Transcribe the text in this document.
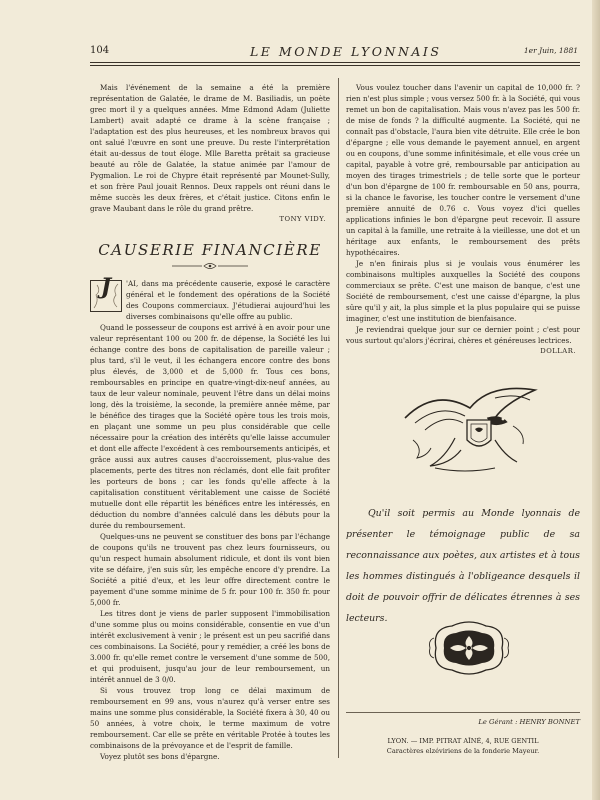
104	LE MONDE LYONNAIS	1er Juin, 1881

Mais l'événement de la semaine a été la première représentation de Galatée, le drame de M. Basiliadis, un poète grec mort il y a quelques années. Mme Edmond Adam (Juliette Lambert) avait adapté ce drame à la scène française ; l'adaptation est des plus heureuses, et les nombreux bravos qui ont salué l'œuvre en sont une preuve. Du reste l'interprétation était au-dessus de tout éloge. Mlle Baretta prêtait sa gracieuse beauté au rôle de Galatée, la statue animée par l'amour de Pygmalion. Le roi de Chypre était représenté par Mounet-Sully, et son frère Paul jouait Rennos. Deux rappels ont réuni dans le même succès les deux frères, et c'était justice. Citons enfin le grave Maubant dans le rôle du grand prêtre.

TONY VIDY.
CAUSERIE FINANCIÈRE
J	'AI, dans ma précédente causerie, exposé le caractère général et le fondement des opérations de la Société des Coupons commerciaux. J'étudierai aujourd'hui les diverses combinaisons qu'elle offre au public.

Quand le possesseur de coupons est arrivé à en avoir pour une valeur représentant 100 ou 200 fr. de dépense, la Société les lui échange contre des bons de capitalisation de pareille valeur ; plus tard, s'il le veut, il les échangera encore contre des bons plus élevés, de 3,000 et de 5,000 fr. Tous ces bons, remboursables en principe en quatre-vingt-dix-neuf années, au taux de leur valeur nominale, peuvent l'être dans un délai moins long, dès la troisième, la seconde, la première année même, par le bénéfice des tirages que la Société opère tous les trois mois, en plaçant une somme un peu plus considérable que celle nécessaire pour la création des intérêts qu'elle laisse accumuler et dont elle affecte l'excédent à ces remboursements anticipés, et grâce aussi aux autres causes d'accroissement, plus-value des placements, perte des titres non réclamés, dont elle fait profiter les porteurs de bons ; car les fonds qu'elle affecte à la capitalisation constituent véritablement une caisse de Société mutuelle dont elle répartit les bénéfices entre les intéressés, en déduction du nombre d'années calculé dans les débuts pour la durée du remboursement.

Quelques-uns ne peuvent se constituer des bons par l'échange de coupons qu'ils ne trouvent pas chez leurs fournisseurs, ou qu'un respect humain absolument ridicule, et dont ils vont bien vite se défaire, j'en suis sûr, les empêche encore d'y prendre. La Société a pitié d'eux, et les leur offre directement contre le payement d'une somme minime de 5 fr. pour 100 fr. 350 fr. pour 5,000 fr.

Les titres dont je viens de parler supposent l'immobilisation d'une somme plus ou moins considérable, consentie en vue d'un intérêt exclusivement à venir ; le présent est un peu sacrifié dans ces combinaisons. La Société, pour y remédier, a créé les bons de 3.000 fr. qu'elle remet contre le versement d'une somme de 500, et qui produisent, jusqu'au jour de leur remboursement, un intérêt annuel de 3 0/0.

Si vous trouvez trop long ce délai maximum de remboursement en 99 ans, vous n'aurez qu'à verser entre ses mains une somme plus considérable, la Société fixera à 30, 40 ou 50 années, à votre choix, le terme maximum de votre remboursement. Car elle se prête en véritable Protée à toutes les combinaisons de la prévoyance et de l'esprit de famille.

Voyez plutôt ses bons d'épargne.

Vous voulez toucher dans l'avenir un capital de 10,000 fr. ? rien n'est plus simple ; vous versez 500 fr. à la Société, qui vous remet un bon de capitalisation. Mais vous n'avez pas les 500 fr. de mise de fonds ? la difficulté augmente. La Société, qui ne connaît pas d'obstacle, l'aura bien vite détruite. Elle crée le bon d'épargne ; elle vous demande le payement annuel, en argent ou en coupons, d'une somme infinitésimale, et elle vous crée un capital, payable à votre gré, remboursable par anticipation au moyen des tirages trimestriels ; de telle sorte que le porteur d'un bon d'épargne de 100 fr. remboursable en 50 ans, pourra, si la chance le favorise, les toucher contre le versement d'une première annuité de 0.76 c. Vous voyez d'ici quelles applications infinies le bon d'épargne peut recevoir. Il assure un capital à la famille, une retraite à la vieillesse, une dot et un héritage aux enfants, le remboursement des prêts hypothécaires.

Je n'en finirais plus si je voulais vous énumérer les combinaisons multiples auxquelles la Société des coupons commerciaux se prête. C'est une maison de banque, c'est une Société de remboursement, c'est une caisse d'épargne, la plus sûre qu'il y ait, la plus simple et la plus populaire qui se puisse imaginer, c'est une institution de bienfaisance.

Je reviendrai quelque jour sur ce dernier point ; c'est pour vous surtout qu'alors j'écrirai, chères et généreuses lectrices.

DOLLAR.

Qu'il soit permis au Monde lyonnais de présenter le témoignage public de sa reconnaissance aux poètes, aux artistes et à tous les hommes distingués à l'obligeance desquels il doit de pouvoir offrir de délicates étrennes à ses lecteurs.

Le Gérant : HENRY BONNET
LYON. — IMP. PITRAT AÎNÉ, 4, RUE GENTIL
Caractères elzéviriens de la fonderie Mayeur.
